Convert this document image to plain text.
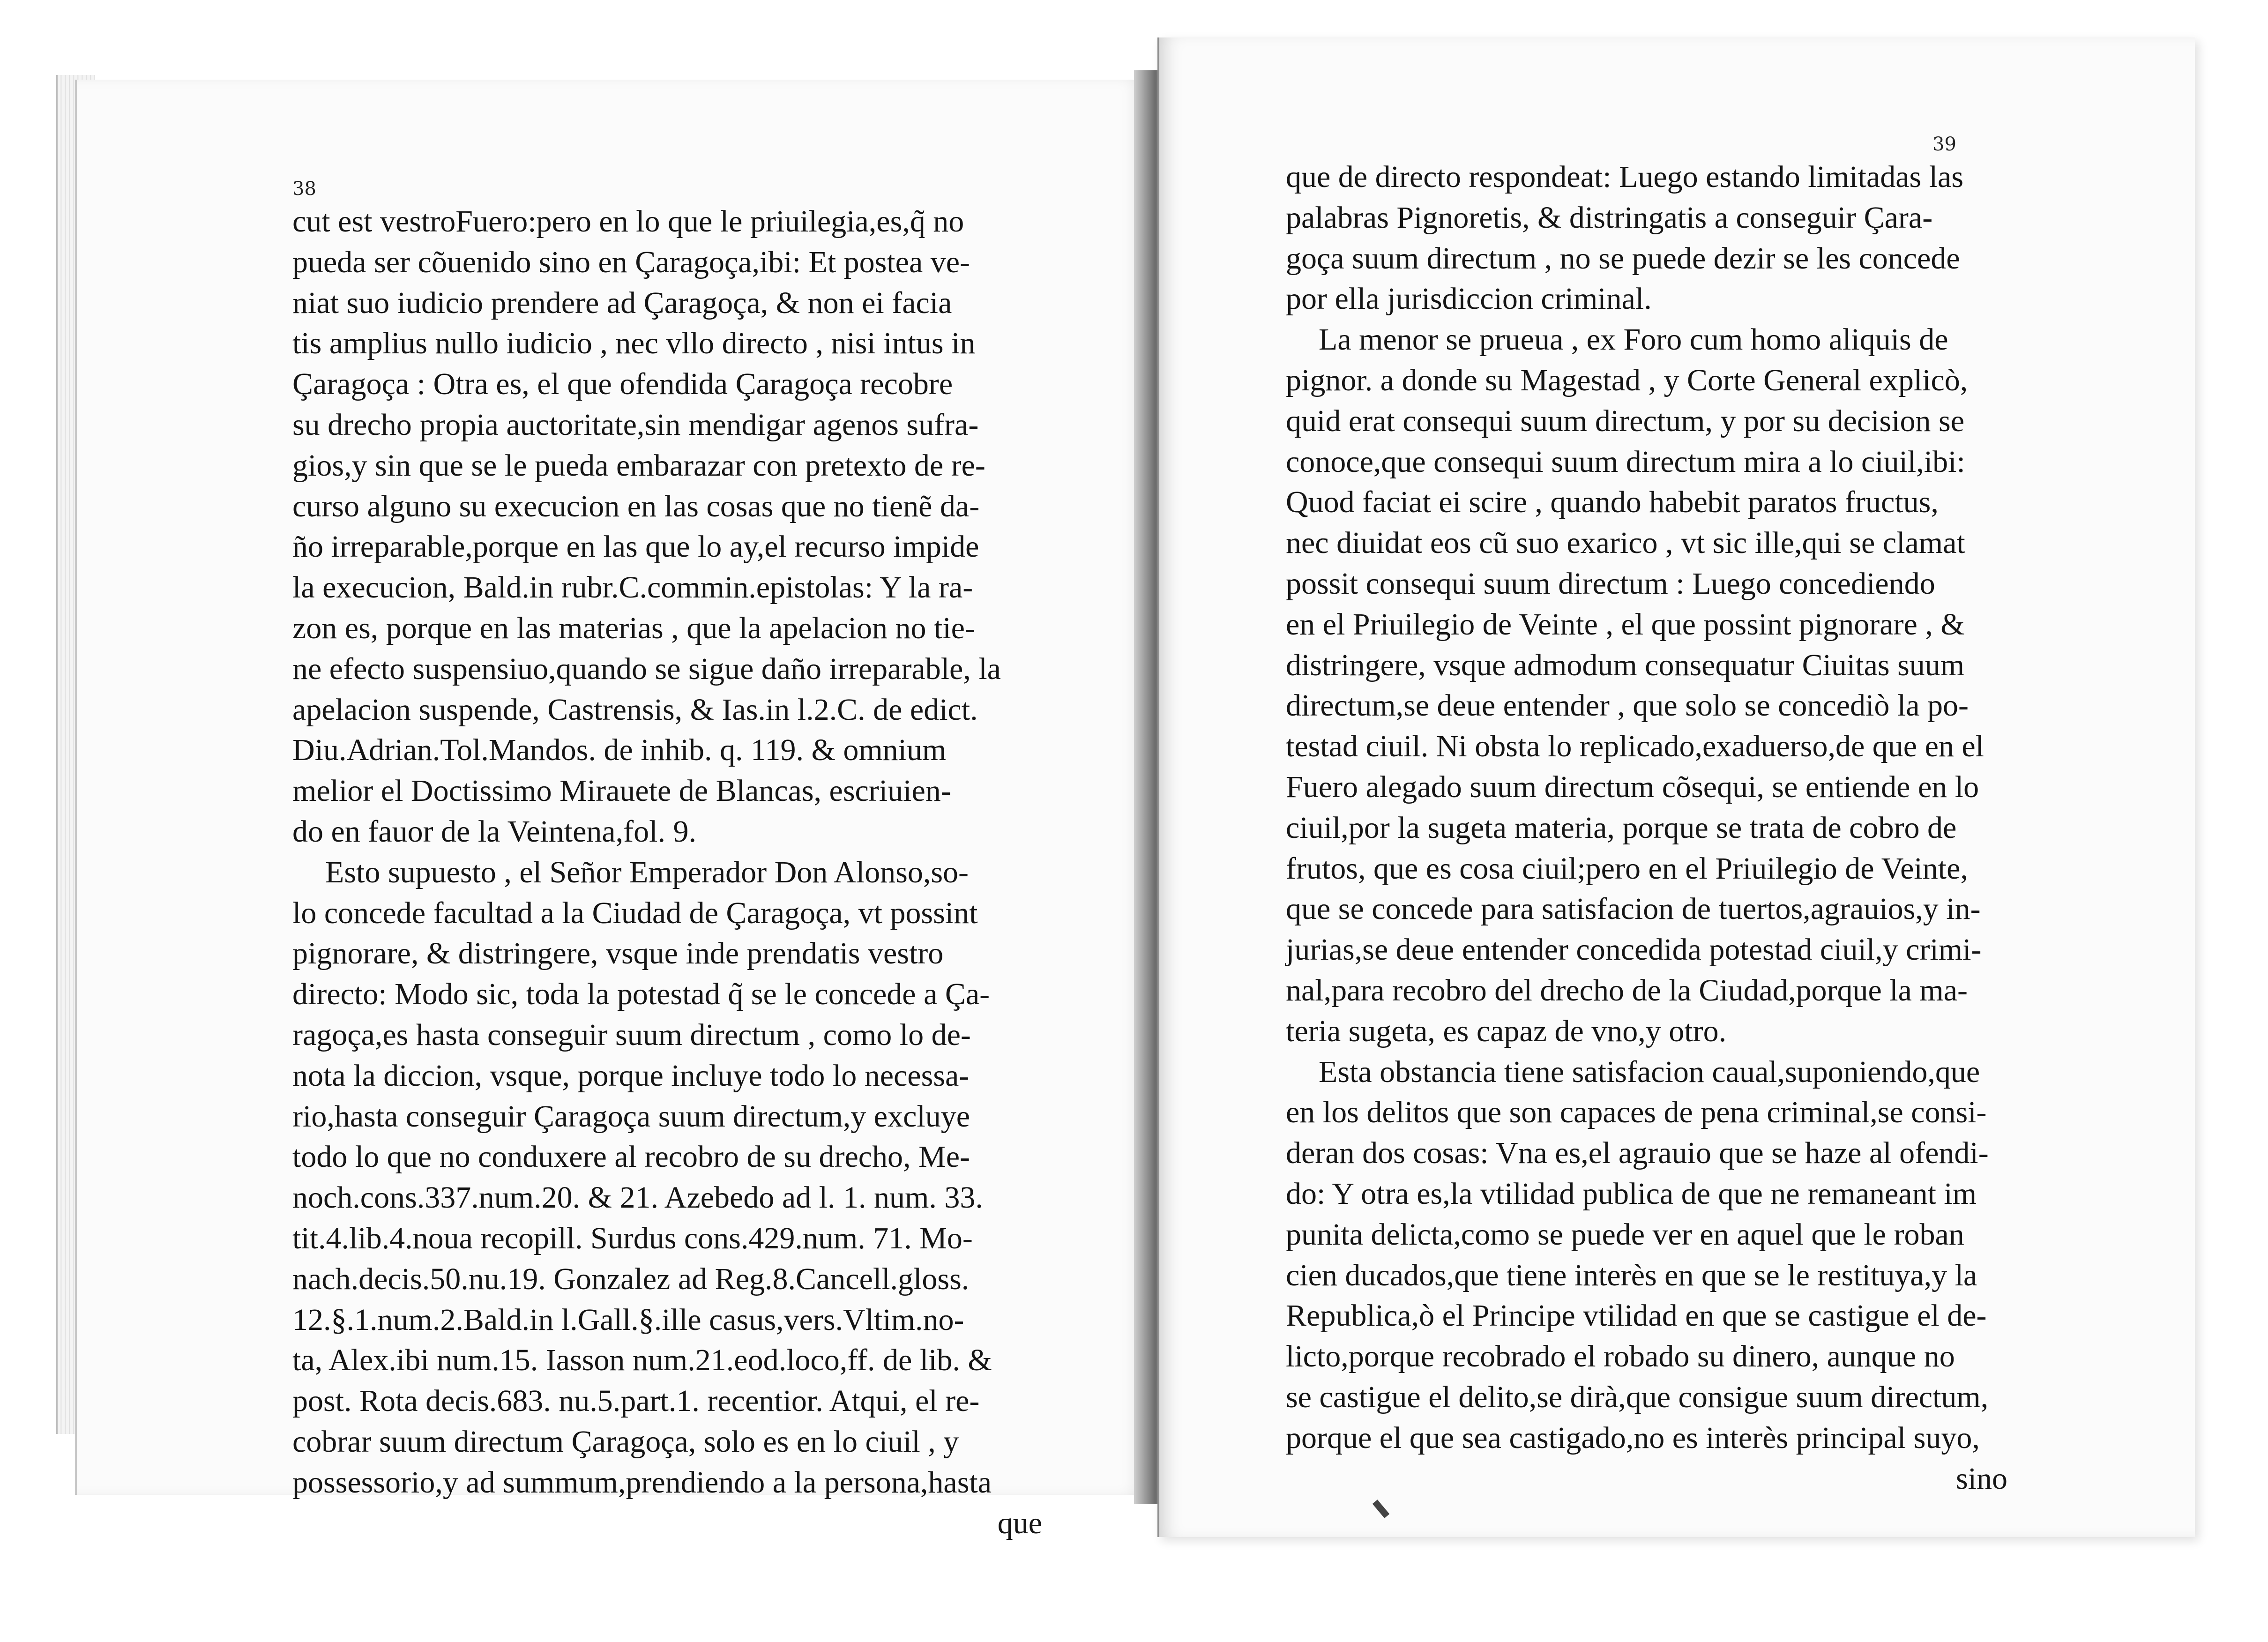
cut est vestroFuero:pero en lo que le priuilegia,es,q̃ no
pueda ser cõuenido sino en Çaragoça,ibi: Et postea ve-
niat suo iudicio prendere ad Çaragoça, & non ei facia
tis amplius nullo iudicio , nec vllo directo , nisi intus in
Çaragoça : Otra es, el que ofendida Çaragoça recobre
su drecho propia auctoritate,sin mendigar agenos sufra-
gios,y sin que se le pueda embarazar con pretexto de re-
curso alguno su execucion en las cosas que no tienẽ da-
ño irreparable,porque en las que lo ay,el recurso impide
la execucion, Bald.in rubr.C.commin.epistolas: Y la ra-
zon es, porque en las materias , que la apelacion no tie-
ne efecto suspensiuo,quando se sigue daño irreparable, la
apelacion suspende, Castrensis, & Ias.in l.2.C. de edict.
Diu.Adrian.Tol.Mandos. de inhib. q. 119. & omnium
melior el Doctissimo Mirauete de Blancas, escriuien-
do en fauor de la Veintena,fol. 9.
Esto supuesto , el Señor Emperador Don Alonso,so-
lo concede facultad a la Ciudad de Çaragoça, vt possint
pignorare, & distringere, vsque inde prendatis vestro
directo: Modo sic, toda la potestad q̃ se le concede a Ça-
ragoça,es hasta conseguir suum directum , como lo de-
nota la diccion, vsque, porque incluye todo lo necessa-
rio,hasta conseguir Çaragoça suum directum,y excluye
todo lo que no conduxere al recobro de su drecho, Me-
noch.cons.337.num.20. & 21. Azebedo ad l. 1. num. 33.
tit.4.lib.4.noua recopill. Surdus cons.429.num. 71. Mo-
nach.decis.50.nu.19. Gonzalez ad Reg.8.Cancell.gloss.
12.§.1.num.2.Bald.in l.Gall.§.ille casus,vers.Vltim.no-
ta, Alex.ibi num.15. Iasson num.21.eod.loco,ff. de lib. &
post. Rota decis.683. nu.5.part.1. recentior. Atqui, el re-
cobrar suum directum Çaragoça, solo es en lo ciuil , y
possessorio,y ad summum,prendiendo a la persona,hasta
que
38
39
que de directo respondeat: Luego estando limitadas las
palabras Pignoretis, & distringatis a conseguir Çara-
goça suum directum , no se puede dezir se les concede
por ella jurisdiccion criminal.
La menor se prueua , ex Foro cum homo aliquis de
pignor. a donde su Magestad , y Corte General explicò,
quid erat consequi suum directum, y por su decision se
conoce,que consequi suum directum mira a lo ciuil,ibi:
Quod faciat ei scire , quando habebit paratos fructus,
nec diuidat eos cũ suo exarico , vt sic ille,qui se clamat
possit consequi suum directum : Luego concediendo
en el Priuilegio de Veinte , el que possint pignorare , &
distringere, vsque admodum consequatur Ciuitas suum
directum,se deue entender , que solo se concediò la po-
testad ciuil. Ni obsta lo replicado,exaduerso,de que en el
Fuero alegado suum directum cõsequi, se entiende en lo
ciuil,por la sugeta materia, porque se trata de cobro de
frutos, que es cosa ciuil;pero en el Priuilegio de Veinte,
que se concede para satisfacion de tuertos,agrauios,y in-
jurias,se deue entender concedida potestad ciuil,y crimi-
nal,para recobro del drecho de la Ciudad,porque la ma-
teria sugeta, es capaz de vno,y otro.
Esta obstancia tiene satisfacion caual,suponiendo,que
en los delitos que son capaces de pena criminal,se consi-
deran dos cosas: Vna es,el agrauio que se haze al ofendi-
do: Y otra es,la vtilidad publica de que ne remaneant im
punita delicta,como se puede ver en aquel que le roban
cien ducados,que tiene interès en que se le restituya,y la
Republica,ò el Principe vtilidad en que se castigue el de-
licto,porque recobrado el robado su dinero, aunque no
se castigue el delito,se dirà,que consigue suum directum,
porque el que sea castigado,no es interès principal suyo,
sino
